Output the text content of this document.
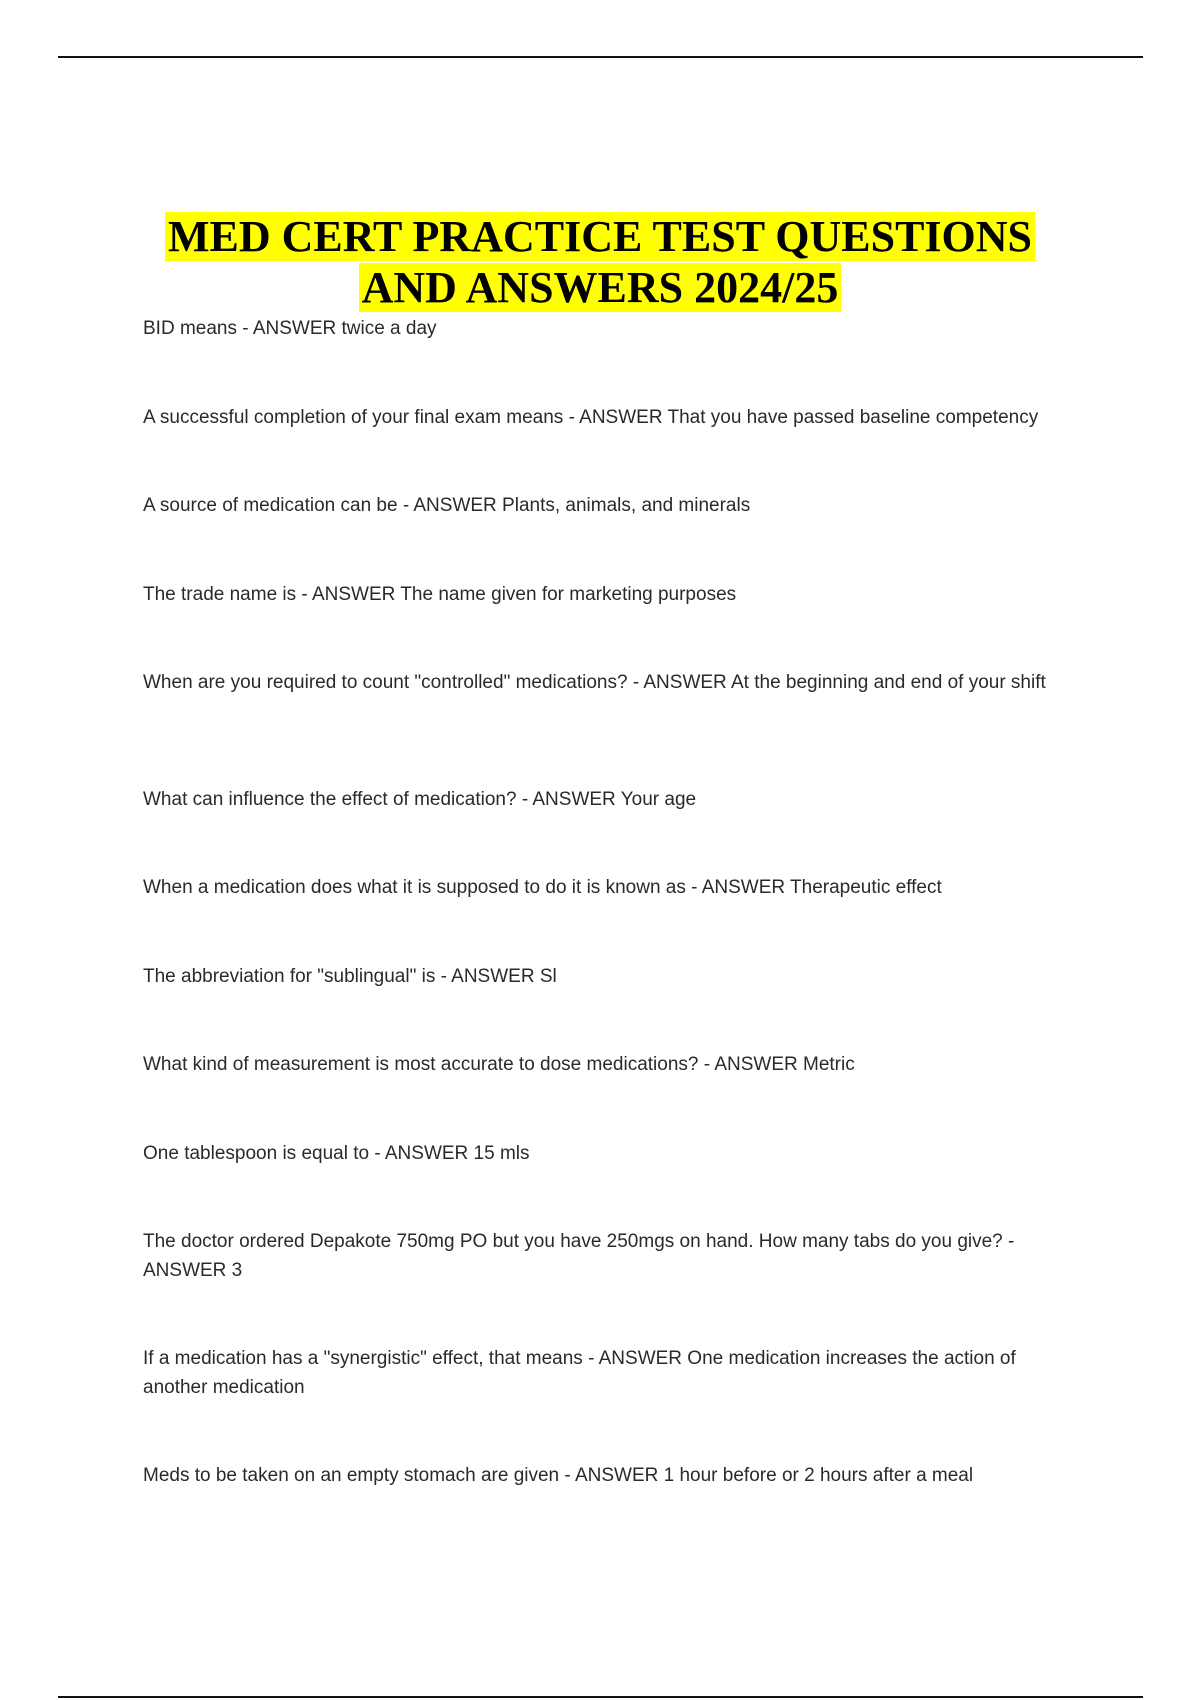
MED CERT PRACTICE TEST QUESTIONS
AND ANSWERS 2024/25

BID means - ANSWER twice a day

A successful completion of your final exam means - ANSWER That you have passed baseline competency

A source of medication can be - ANSWER Plants, animals, and minerals

The trade name is - ANSWER The name given for marketing purposes

When are you required to count "controlled" medications? - ANSWER At the beginning and end of your shift

What can influence the effect of medication? - ANSWER Your age

When a medication does what it is supposed to do it is known as - ANSWER Therapeutic effect

The abbreviation for "sublingual" is - ANSWER Sl

What kind of measurement is most accurate to dose medications? - ANSWER Metric

One tablespoon is equal to - ANSWER 15 mls

The doctor ordered Depakote 750mg PO but you have 250mgs on hand. How many tabs do you give? - ANSWER 3

If a medication has a "synergistic" effect, that means - ANSWER One medication increases the action of another medication

Meds to be taken on an empty stomach are given - ANSWER 1 hour before or 2 hours after a meal
